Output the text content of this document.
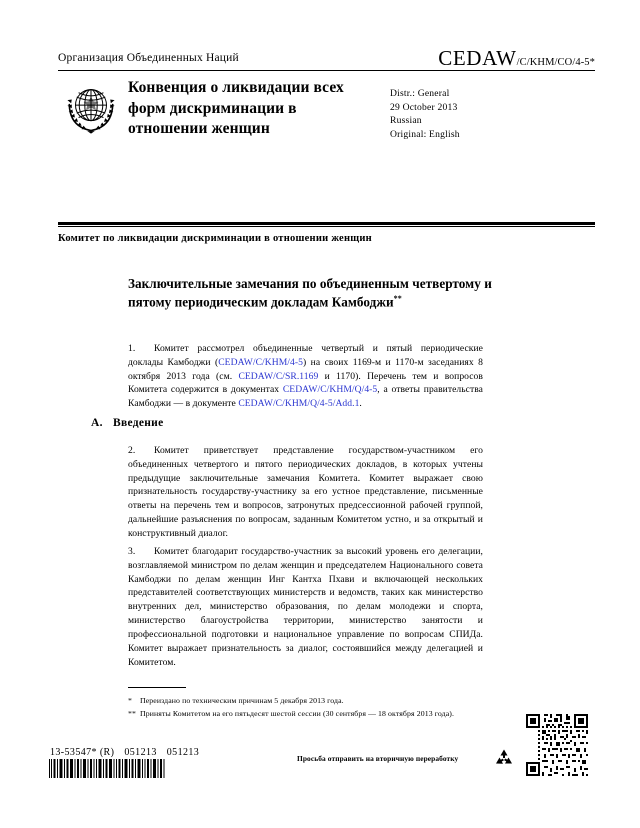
Организация Объединенных Наций	CEDAW/C/KHM/CO/4-5*
Конвенция о ликвидации всех форм дискриминации в отношении женщин
Distr.: General
29 October 2013
Russian
Original: English
Комитет по ликвидации дискриминации в отношении женщин
Заключительные замечания по объединенным четвертому и пятому периодическим докладам Камбоджи**
1. Комитет рассмотрел объединенные четвертый и пятый периодические доклады Камбоджи (CEDAW/C/KHM/4-5) на своих 1169-м и 1170-м заседаниях 8 октября 2013 года (см. CEDAW/C/SR.1169 и 1170). Перечень тем и вопросов Комитета содержится в документах CEDAW/C/KHM/Q/4-5, а ответы правительства Камбоджи — в документе CEDAW/C/KHM/Q/4-5/Add.1.
A. Введение
2. Комитет приветствует представление государством-участником его объединенных четвертого и пятого периодических докладов, в которых учтены предыдущие заключительные замечания Комитета. Комитет выражает свою признательность государству-участнику за его устное представление, письменные ответы на перечень тем и вопросов, затронутых предсессионной рабочей группой, дальнейшие разъяснения по вопросам, заданным Комитетом устно, и за открытый и конструктивный диалог.
3. Комитет благодарит государство-участник за высокий уровень его делегации, возглавляемой министром по делам женщин и председателем Национального совета Камбоджи по делам женщин Инг Кантха Пхави и включающей нескольких представителей соответствующих министерств и ведомств, таких как министерство внутренних дел, министерство образования, по делам молодежи и спорта, министерство благоустройства территории, министерство занятости и профессиональной подготовки и национальное управление по вопросам СПИДа. Комитет выражает признательность за диалог, состоявшийся между делегацией и Комитетом.
*	Переиздано по техническим причинам 5 декабря 2013 года.
** Приняты Комитетом на его пятьдесят шестой сессии (30 сентября — 18 октября 2013 года).
13-53547* (R) 051213 051213
Просьба отправить на вторичную переработку
